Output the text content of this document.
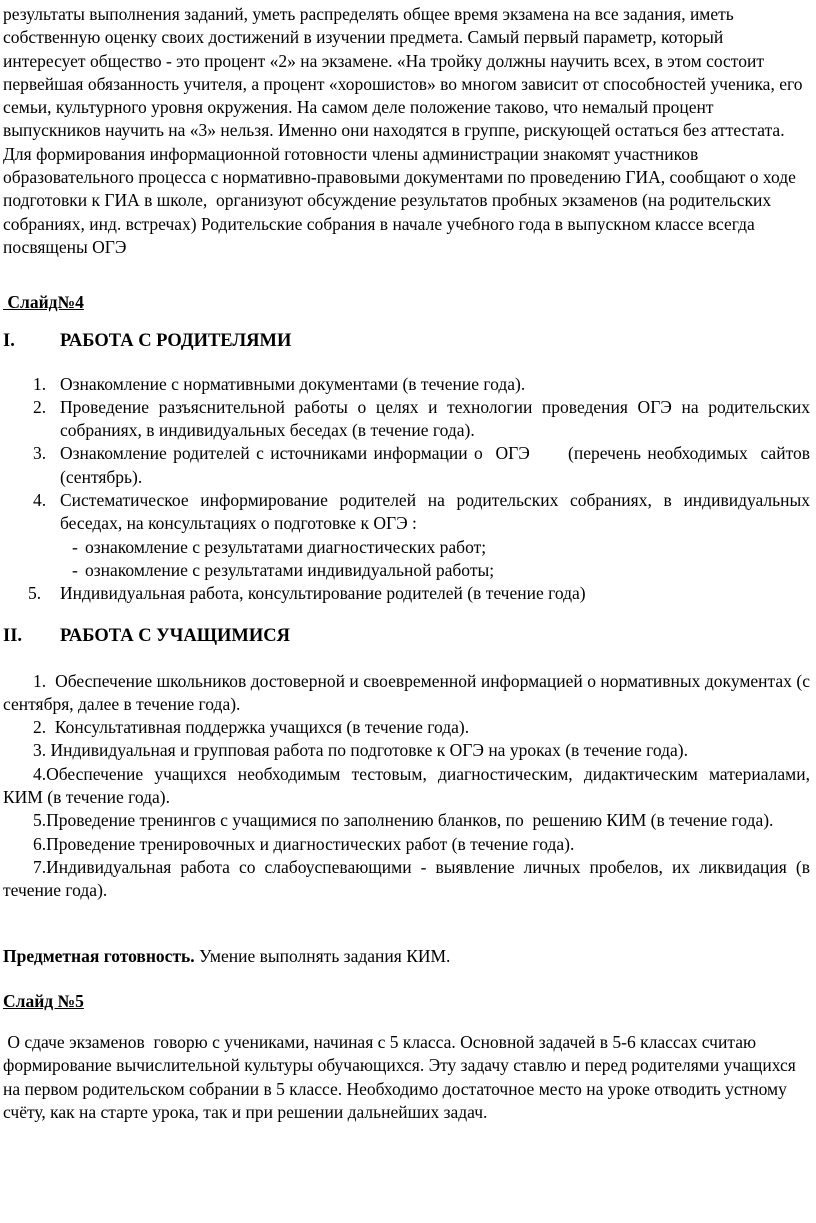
результаты выполнения заданий, уметь распределять общее время экзамена на все задания, иметь собственную оценку своих достижений в изучении предмета. Самый первый параметр, который интересует общество - это процент «2» на экзамене. «На тройку должны научить всех, в этом состоит первейшая обязанность учителя, а процент «хорошистов» во многом зависит от способностей ученика, его семьи, культурного уровня окружения. На самом деле положение таково, что немалый процент выпускников научить на «3» нельзя. Именно они находятся в группе, рискующей остаться без аттестата.

Для формирования информационной готовности члены администрации знакомят участников образовательного процесса с нормативно-правовыми документами по проведению ГИА, сообщают о ходе подготовки к ГИА в школе,  организуют обсуждение результатов пробных экзаменов (на родительских собраниях, инд. встречах) Родительские собрания в начале учебного года в выпускном классе всегда посвящены ОГЭ

Слайд№4

I.	РАБОТА С РОДИТЕЛЯМИ
1. Ознакомление с нормативными документами (в течение года).
2. Проведение разъяснительной работы о целях и технологии проведения ОГЭ на родительских собраниях, в индивидуальных беседах (в течение года).
3. Ознакомление родителей с источниками информации о  ОГЭ      (перечень необходимых  сайтов (сентябрь).
4. Систематическое информирование родителей на родительских собраниях, в индивидуальных беседах, на консультациях о подготовке к ОГЭ :
- ознакомление с результатами диагностических работ;
- ознакомление с результатами индивидуальной работы;
5.	Индивидуальная работа, консультирование родителей (в течение года)
II.	РАБОТА С УЧАЩИМИСЯ

1.  Обеспечение школьников достоверной и своевременной информацией о нормативных документах (с сентября, далее в течение года).

2.  Консультативная поддержка учащихся (в течение года).

3. Индивидуальная и групповая работа по подготовке к ОГЭ на уроках (в течение года).

4.Обеспечение учащихся необходимым тестовым, диагностическим, дидактическим материалами, КИМ (в течение года).

5.Проведение тренингов с учащимися по заполнению бланков, по  решению КИМ (в течение года).

6.Проведение тренировочных и диагностических работ (в течение года).

7.Индивидуальная работа со слабоуспевающими - выявление личных пробелов, их ликвидация (в течение года).

Предметная готовность. Умение выполнять задания КИМ.

Слайд №5

О сдаче экзаменов  говорю с учениками, начиная с 5 класса. Основной задачей в 5-6 классах считаю формирование вычислительной культуры обучающихся. Эту задачу ставлю и перед родителями учащихся на первом родительском собрании в 5 классе. Необходимо достаточное место на уроке отводить устному счёту, как на старте урока, так и при решении дальнейших задач.
